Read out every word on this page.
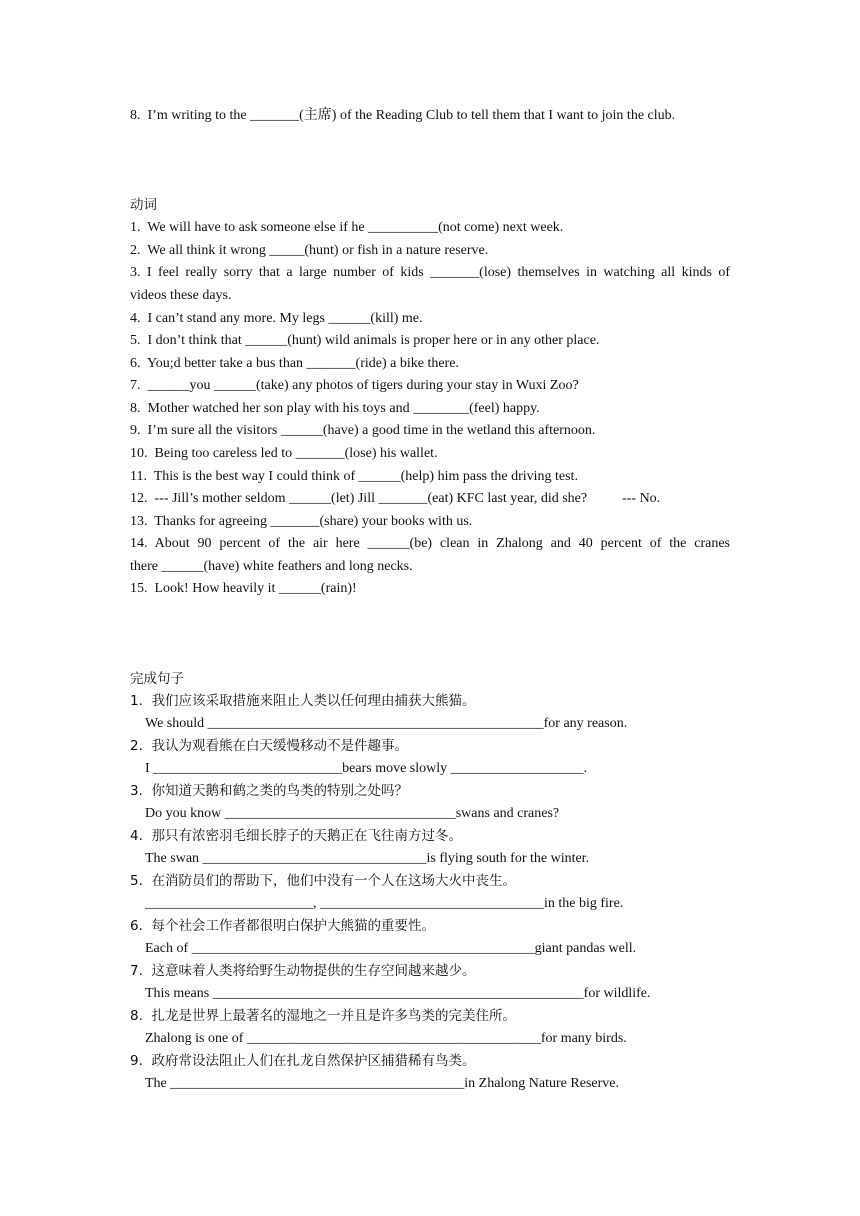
8.  I’m writing to the _______(主席) of the Reading Club to tell them that I want to join the club.
动词
1.  We will have to ask someone else if he __________(not come) next week.
2.  We all think it wrong _____(hunt) or fish in a nature reserve.
3. I feel really sorry that a large number of kids _______(lose) themselves in watching all kinds of
videos these days.
4.  I can’t stand any more. My legs ______(kill) me.
5.  I don’t think that ______(hunt) wild animals is proper here or in any other place.
6.  You;d better take a bus than _______(ride) a bike there.
7.  ______you ______(take) any photos of tigers during your stay in Wuxi Zoo?
8.  Mother watched her son play with his toys and ________(feel) happy.
9.  I’m sure all the visitors ______(have) a good time in the wetland this afternoon.
10.  Being too careless led to _______(lose) his wallet.
11.  This is the best way I could think of ______(help) him pass the driving test.
12.  --- Jill’s mother seldom ______(let) Jill _______(eat) KFC last year, did she?          --- No.
13.  Thanks for agreeing _______(share) your books with us.
14. About 90 percent of the air here ______(be) clean in Zhalong and 40 percent of the cranes
there ______(have) white feathers and long necks.
15.  Look! How heavily it ______(rain)!
完成句子
1.  我们应该采取措施来阻止人类以任何理由捕获大熊猫。
We should ________________________________________________for any reason.
2.  我认为观看熊在白天缓慢移动不是件趣事。
I ___________________________bears move slowly ___________________.
3.  你知道天鹅和鹤之类的鸟类的特别之处吗？
Do you know _________________________________swans and cranes?
4.  那只有浓密羽毛细长脖子的天鹅正在飞往南方过冬。
The swan ________________________________is flying south for the winter.
5.  在消防员们的帮助下，他们中没有一个人在这场大火中丧生。
________________________, ________________________________in the big fire.
6.  每个社会工作者都很明白保护大熊猫的重要性。
Each of _________________________________________________giant pandas well.
7.  这意味着人类将给野生动物提供的生存空间越来越少。
This means _____________________________________________________for wildlife.
8.  扎龙是世界上最著名的湿地之一并且是许多鸟类的完美住所。
Zhalong is one of __________________________________________for many birds.
9.  政府常设法阻止人们在扎龙自然保护区捕猎稀有鸟类。
The __________________________________________in Zhalong Nature Reserve.
